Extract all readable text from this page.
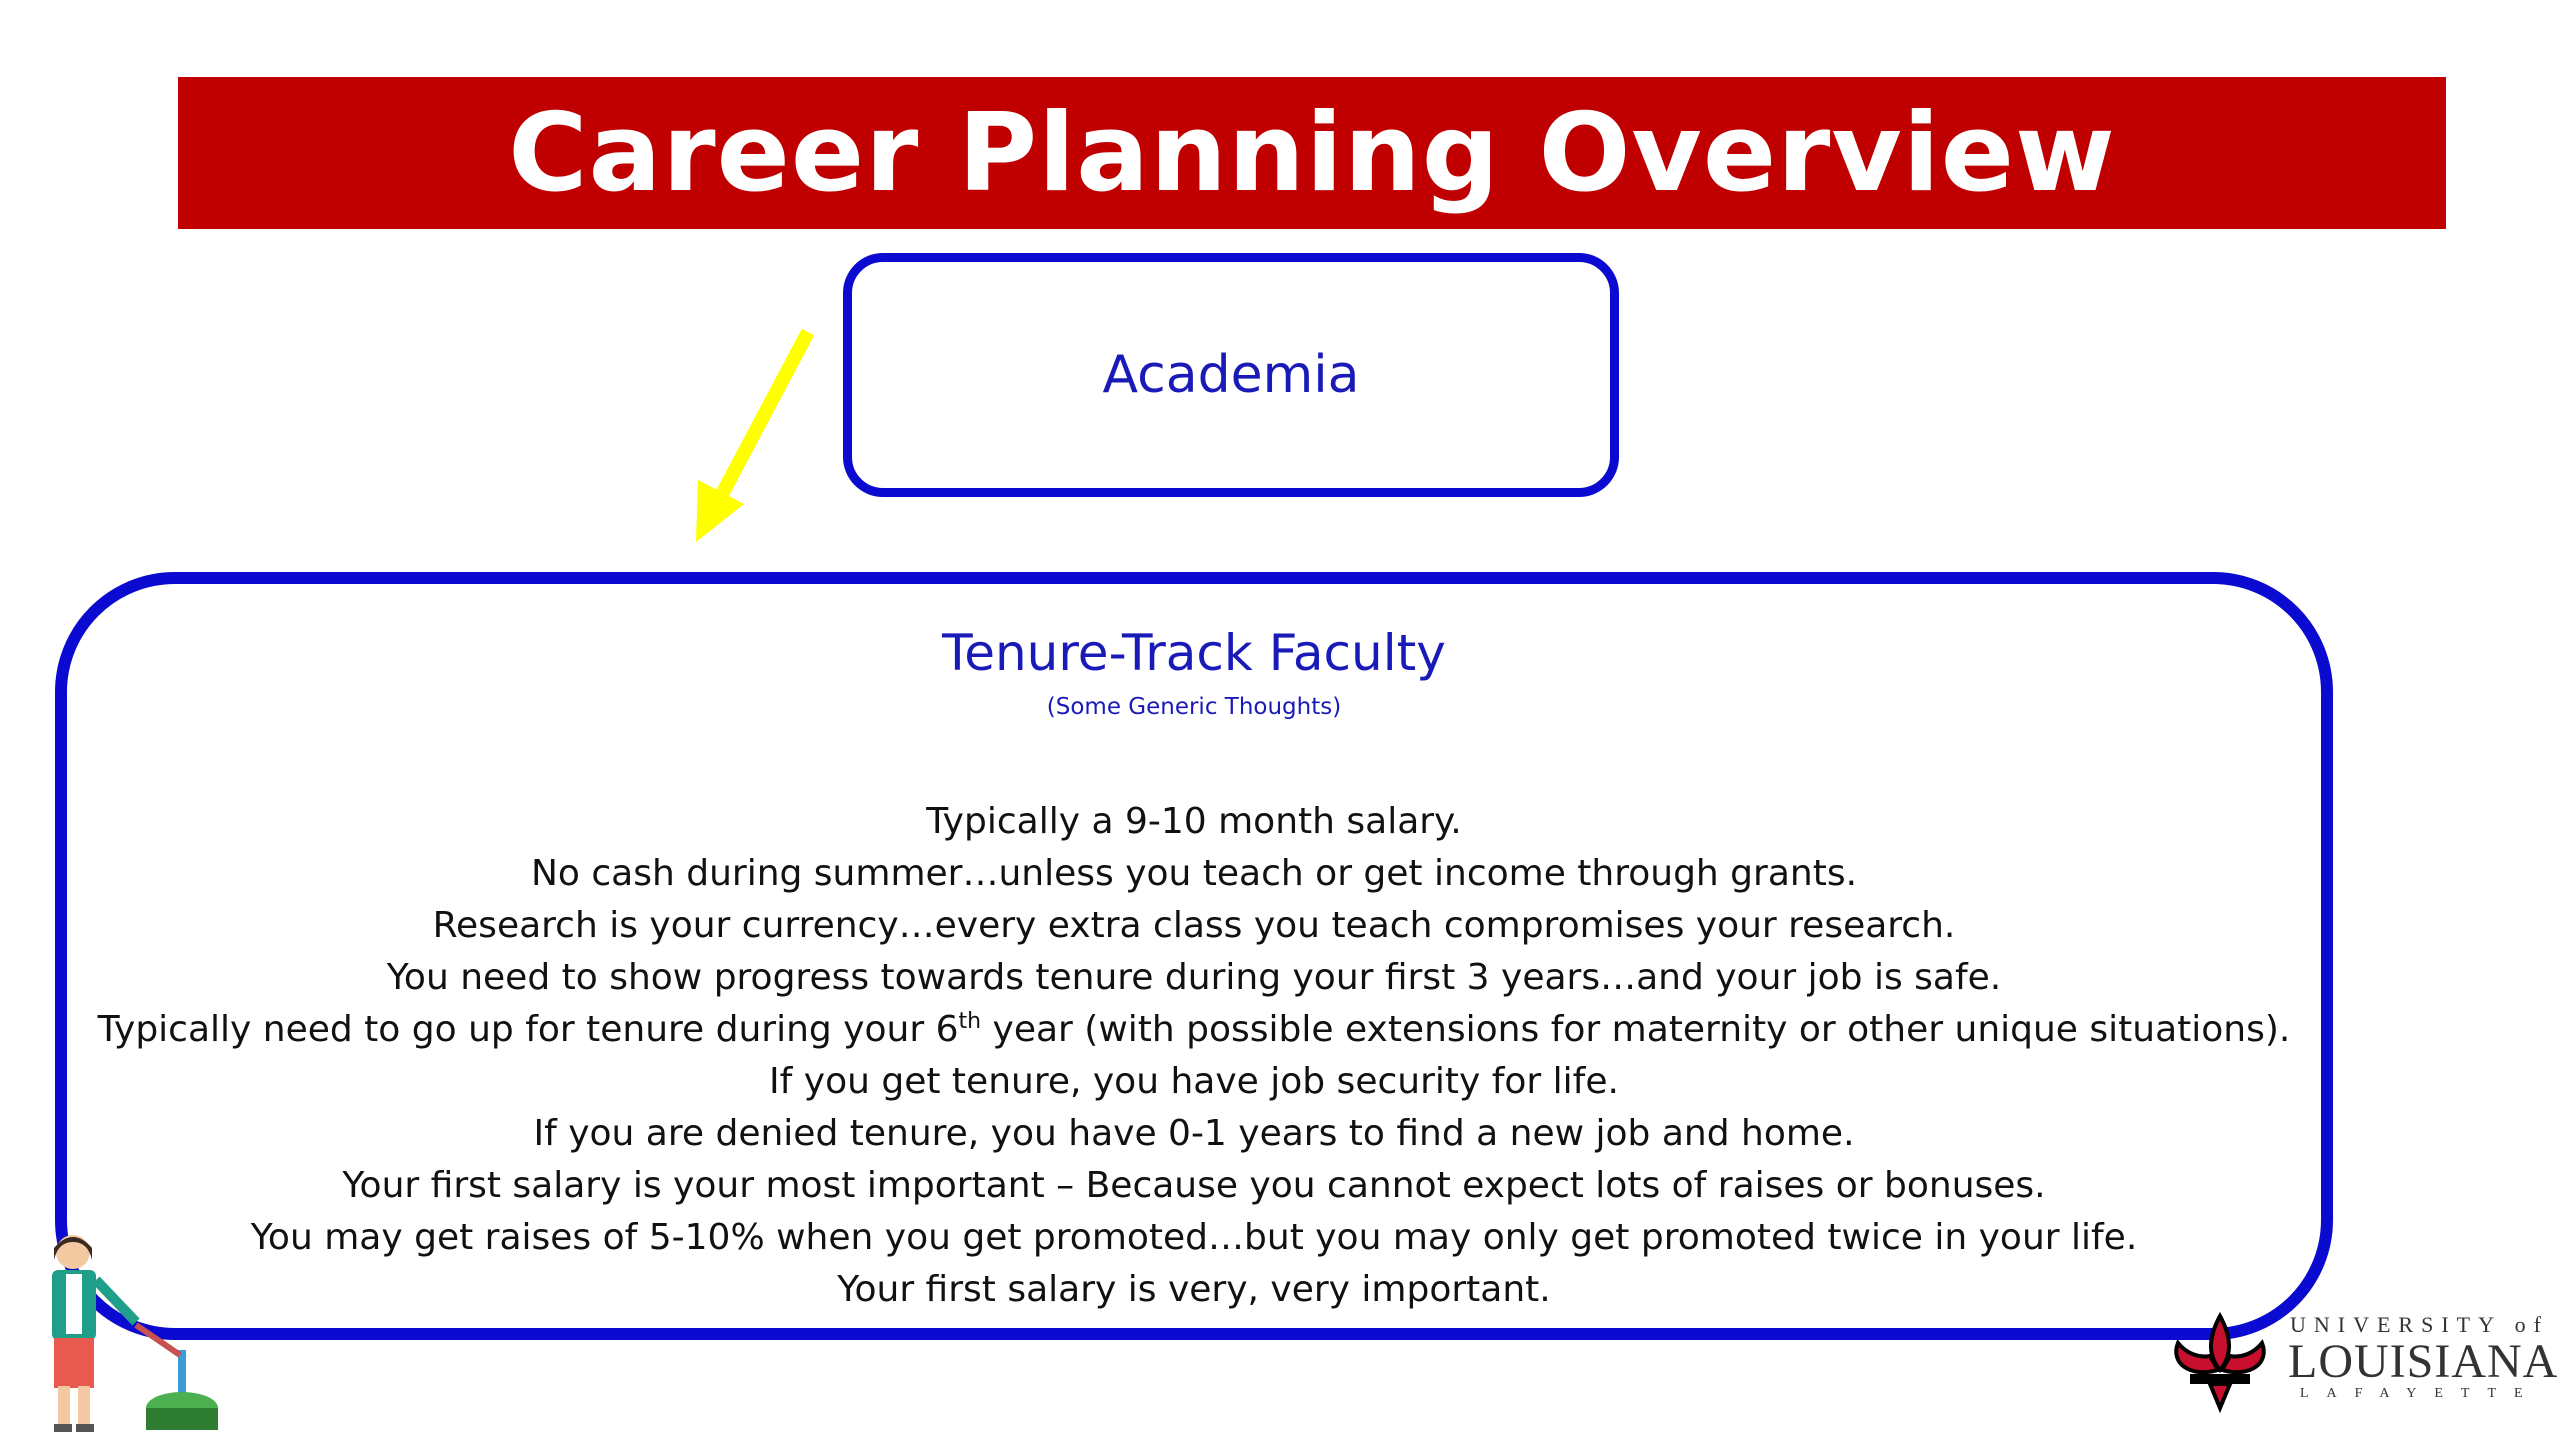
Career Planning Overview
Academia
Tenure-Track Faculty
(Some Generic Thoughts)
Typically a 9-10 month salary.
No cash during summer…unless you teach or get income through grants.
Research is your currency…every extra class you teach compromises your research.
You need to show progress towards tenure during your first 3 years…and your job is safe.
Typically need to go up for tenure during your 6th year (with possible extensions for maternity or other unique situations).
If you get tenure, you have job security for life.
If you are denied tenure, you have 0-1 years to find a new job and home.
Your first salary is your most important – Because you cannot expect lots of raises or bonuses.
You may get raises of 5-10% when you get promoted…but you may only get promoted twice in your life.
Your first salary is very, very important.
UNIVERSITY of
LOUISIANA
LAFAYETTE
